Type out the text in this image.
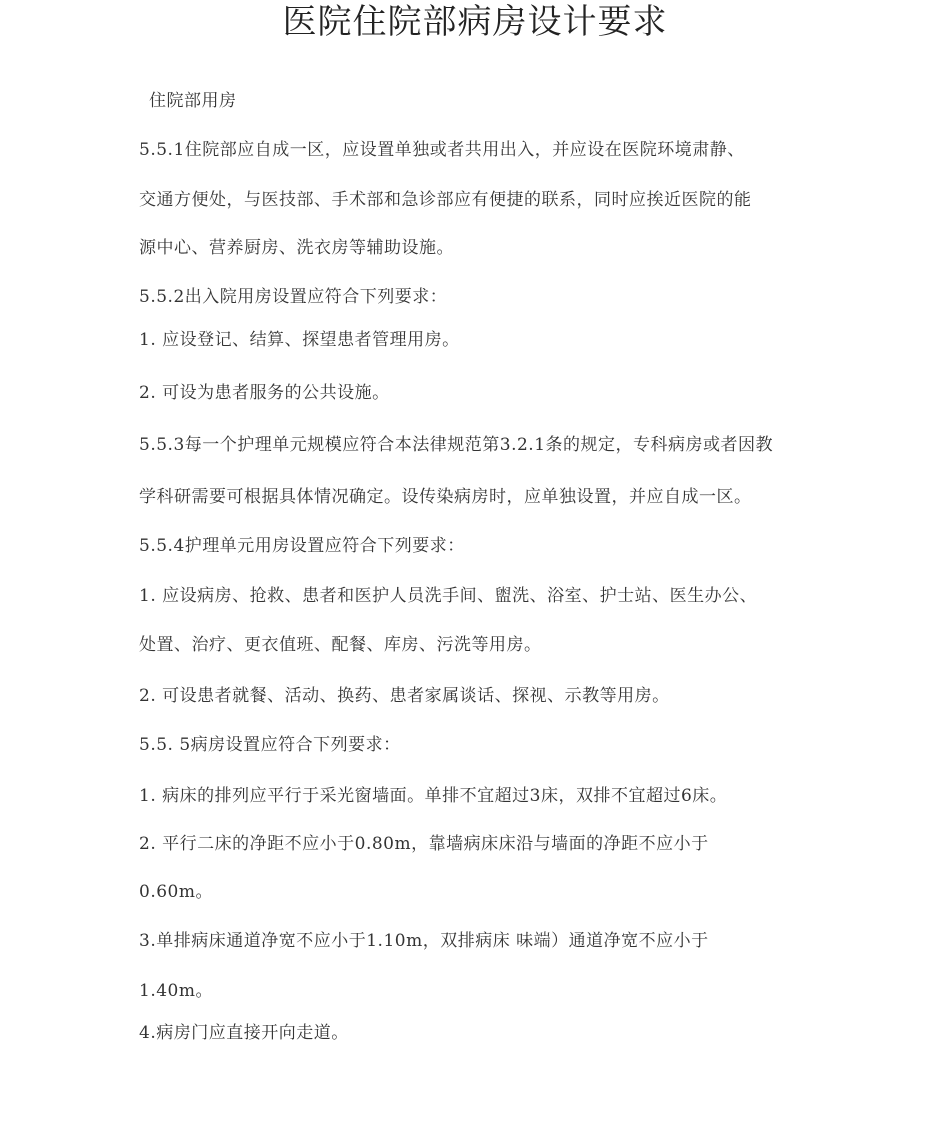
医院住院部病房设计要求
住院部用房
5.5.1住院部应自成一区，应设置单独或者共用出入，并应设在医院环境肃静、
交通方便处，与医技部、手术部和急诊部应有便捷的联系，同时应挨近医院的能
源中心、营养厨房、洗衣房等辅助设施。
5.5.2出入院用房设置应符合下列要求：
1. 应设登记、结算、探望患者管理用房。
2. 可设为患者服务的公共设施。
5.5.3每一个护理单元规模应符合本法律规范第3.2.1条的规定，专科病房或者因教
学科研需要可根据具体情况确定。设传染病房时，应单独设置，并应自成一区。
5.5.4护理单元用房设置应符合下列要求：
1. 应设病房、抢救、患者和医护人员洗手间、盥洗、浴室、护士站、医生办公、
处置、治疗、更衣值班、配餐、库房、污洗等用房。
2. 可设患者就餐、活动、换药、患者家属谈话、探视、示教等用房。
5.5. 5病房设置应符合下列要求：
1. 病床的排列应平行于采光窗墙面。单排不宜超过3床，双排不宜超过6床。
2. 平行二床的净距不应小于0.80m，靠墙病床床沿与墙面的净距不应小于
0.60m。
3.单排病床通道净宽不应小于1.10m，双排病床 味端）通道净宽不应小于
1.40m。
4.病房门应直接开向走道。
